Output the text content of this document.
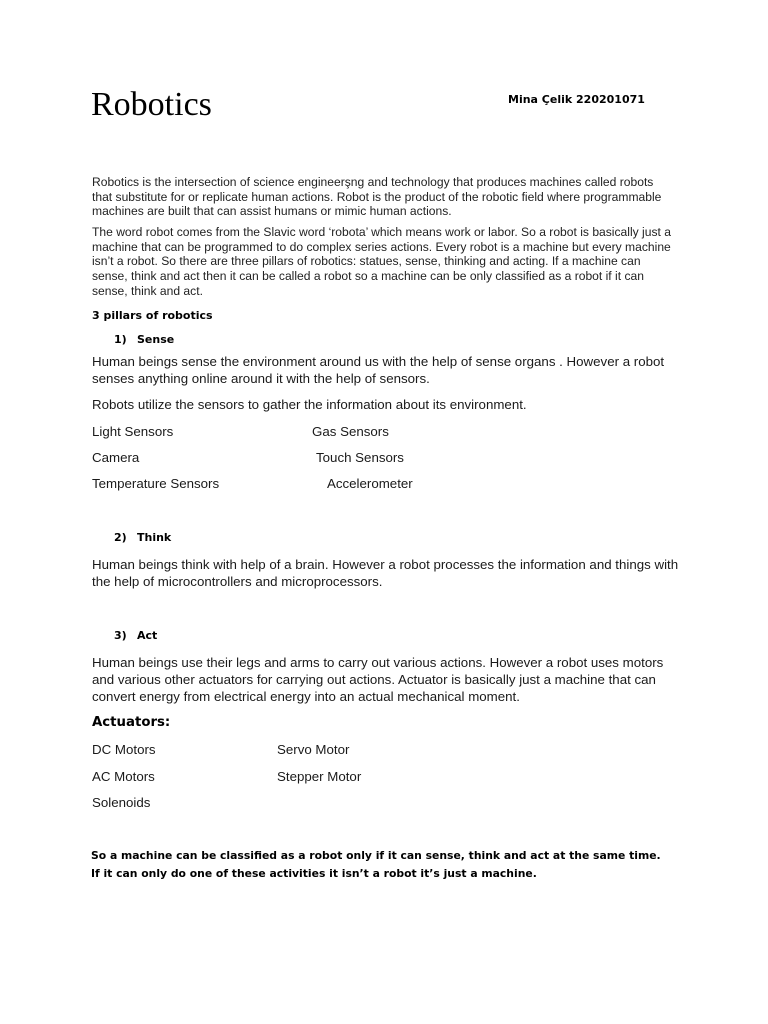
Robotics	Mina Çelik 220201071

Robotics is the intersection of science engineerşng and technology that produces machines called robots that substitute for or replicate human actions. Robot is the product of the robotic field where programmable machines are built that can assist humans or mimic human actions.

The word robot comes from the Slavic word ‘robota’ which means work or labor. So a robot is basically just a machine that can be programmed to do complex series actions. Every robot is a machine but every machine isn’t a robot. So there are three pillars of robotics: statues, sense, thinking and acting. If a machine can sense, think and act then it can be called a robot so a machine can be only classified as a robot if it can sense, think and act.

3 pillars of robotics
1) Sense

Human beings sense the environment around us with the help of sense organs . However a robot senses anything online around it with the help of sensors.

Robots utilize the sensors to gather the information about its environment.

Light Sensors	Gas Sensors
Camera	Touch Sensors
Temperature Sensors	Accelerometer
2) Think

Human beings think with help of a brain. However a robot processes the information and things with the help of microcontrollers and microprocessors.

3) Act

Human beings use their legs and arms to carry out various actions. However a robot uses motors and various other actuators for carrying out actions. Actuator is basically just a machine that can convert energy from electrical energy into an actual mechanical moment.

Actuators:
DC Motors	Servo Motor
AC Motors	Stepper Motor
Solenoids

So a machine can be classified as a robot only if it can sense, think and act at the same time. If it can only do one of these activities it isn’t a robot it’s just a machine.
